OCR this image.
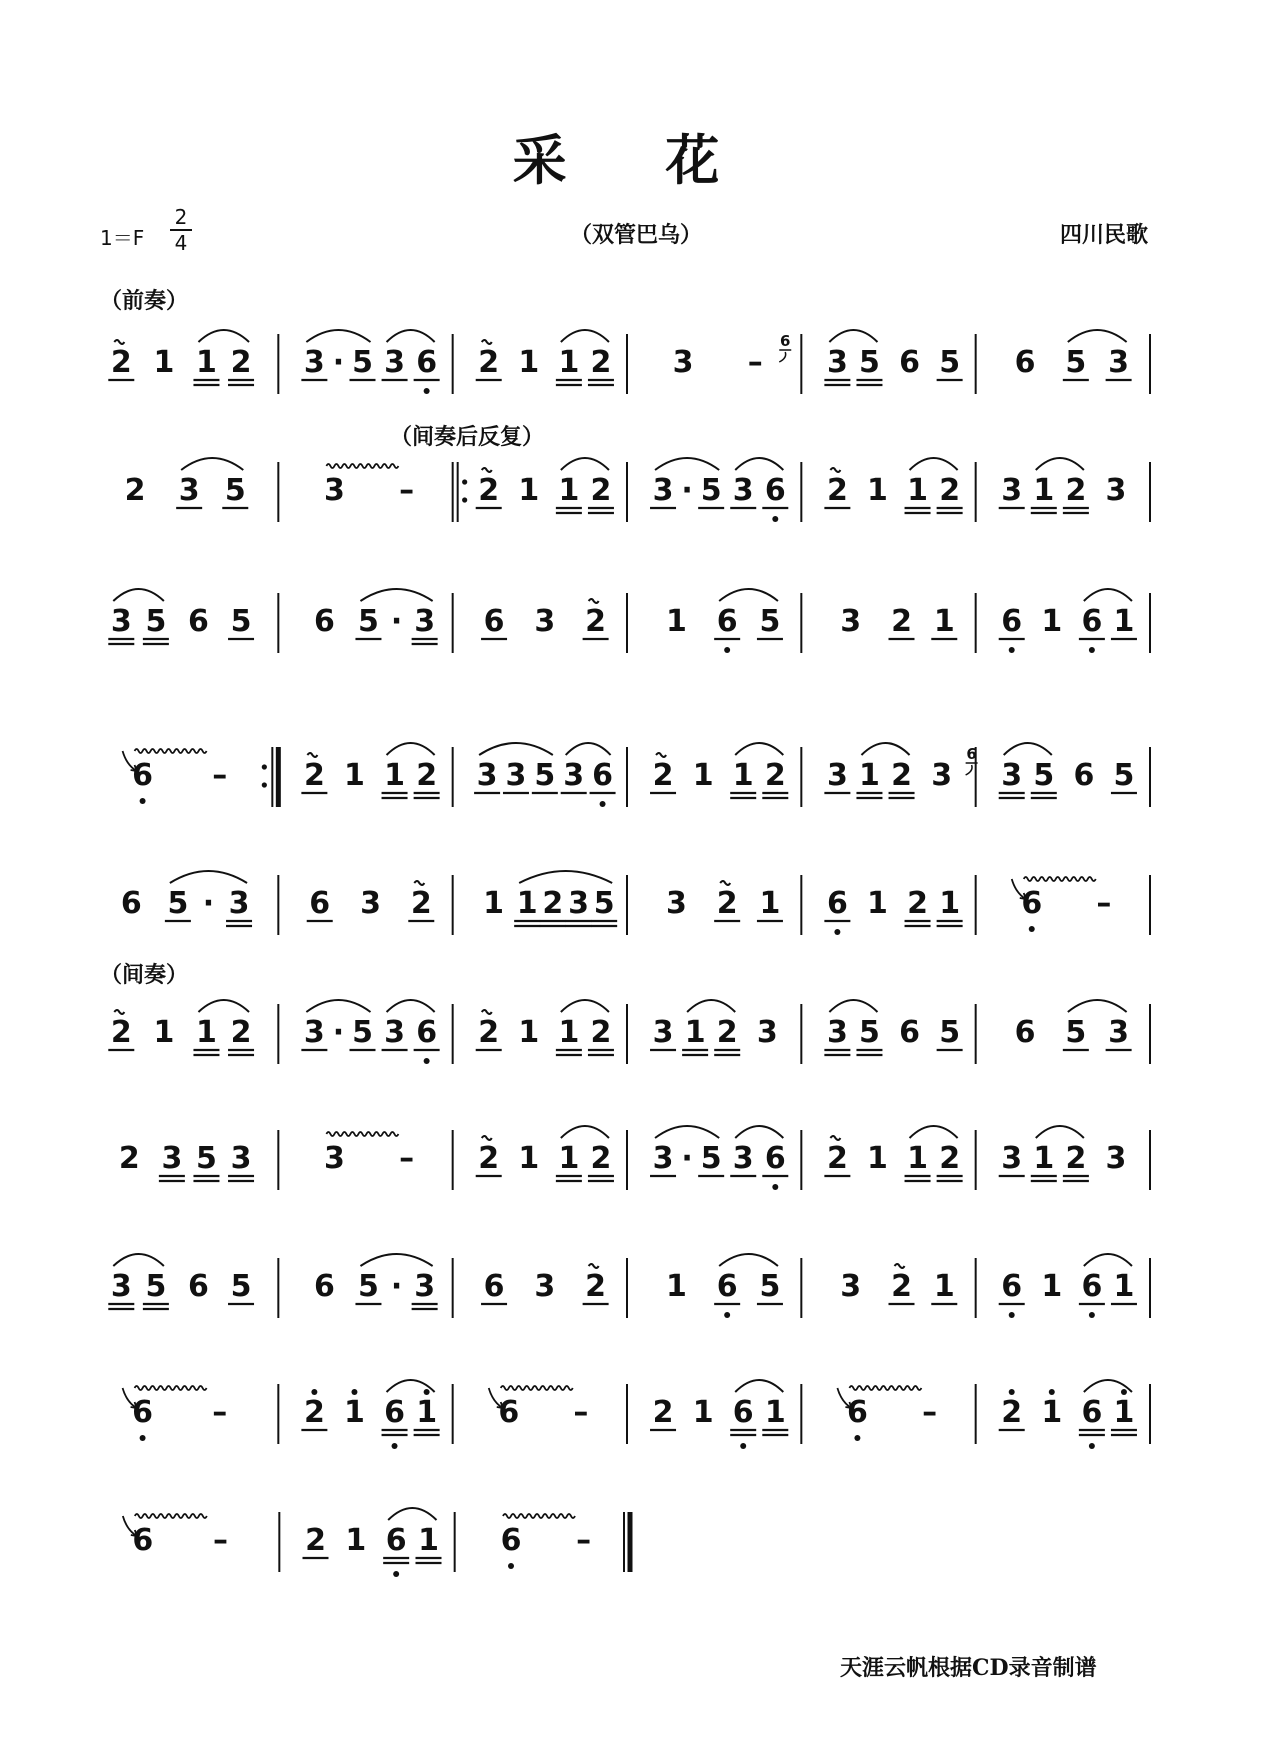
采 花
1＝F
2
4	（双管巴乌）	四川民歌
（前奏）
（间奏后反复）
（间奏）
2 1 1 2 3 · 5 3 6 2 1 1 2 3 –
6
3 5 6 5 6 5 3
2 3 5	3 – 2 1 1 2 3 · 5 3 6 2 1 1 2 3 1 2 3
3 5 6 5 6 5 · 3 6 3 2 1 6 5 3 2 1 6 1 6 1
6 –	2 1 1 2 3 3 5 3 6 2 1 1 2 3 1 2 3
6
3 5 6 5
6 5 · 3 6 3 2 1 1 2 3 5 3 2 1 6 1 2 1 6 –
2 1 1 2 3 · 5 3 6 2 1 1 2 3 1 2 3 3 5 6 5 6 5 3
2 3 5 3 3 – 2 1 1 2 3 · 5 3 6 2 1 1 2 3 1 2 3
3 5 6 5 6 5 · 3 6 3 2 1 6 5 3 2 1 6 1 6 1
6 –	2 1 6 1 6 – 2 1 6 1 6 – 2 1 6 1
6 –	2 1 6 1 6 –
天涯云帆根据CD录音制谱
